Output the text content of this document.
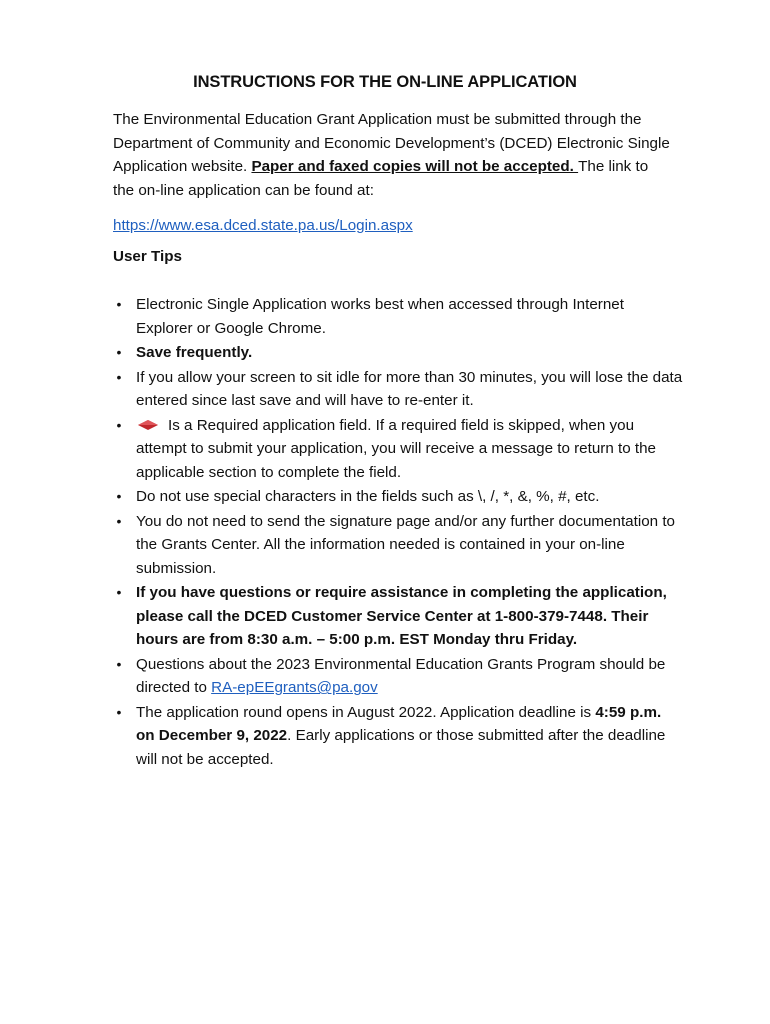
INSTRUCTIONS FOR THE ON-LINE APPLICATION
The Environmental Education Grant Application must be submitted through the Department of Community and Economic Development’s (DCED) Electronic Single Application website. Paper and faxed copies will not be accepted. The link to the on-line application can be found at:
https://www.esa.dced.state.pa.us/Login.aspx
User Tips
• Electronic Single Application works best when accessed through Internet Explorer or Google Chrome.
• Save frequently.
• If you allow your screen to sit idle for more than 30 minutes, you will lose the data entered since last save and will have to re-enter it.
•	Is a Required application field. If a required field is skipped, when you attempt to submit your application, you will receive a message to return to the applicable section to complete the field.
• Do not use special characters in the fields such as \, /, *, &, %, #, etc.
• You do not need to send the signature page and/or any further documentation to the Grants Center. All the information needed is contained in your on-line submission.
• If you have questions or require assistance in completing the application, please call the DCED Customer Service Center at 1-800-379-7448. Their hours are from 8:30 a.m. – 5:00 p.m. EST Monday thru Friday.
• Questions about the 2023 Environmental Education Grants Program should be directed to RA-epEEgrants@pa.gov
• The application round opens in August 2022. Application deadline is 4:59 p.m. on December 9, 2022. Early applications or those submitted after the deadline will not be accepted.
